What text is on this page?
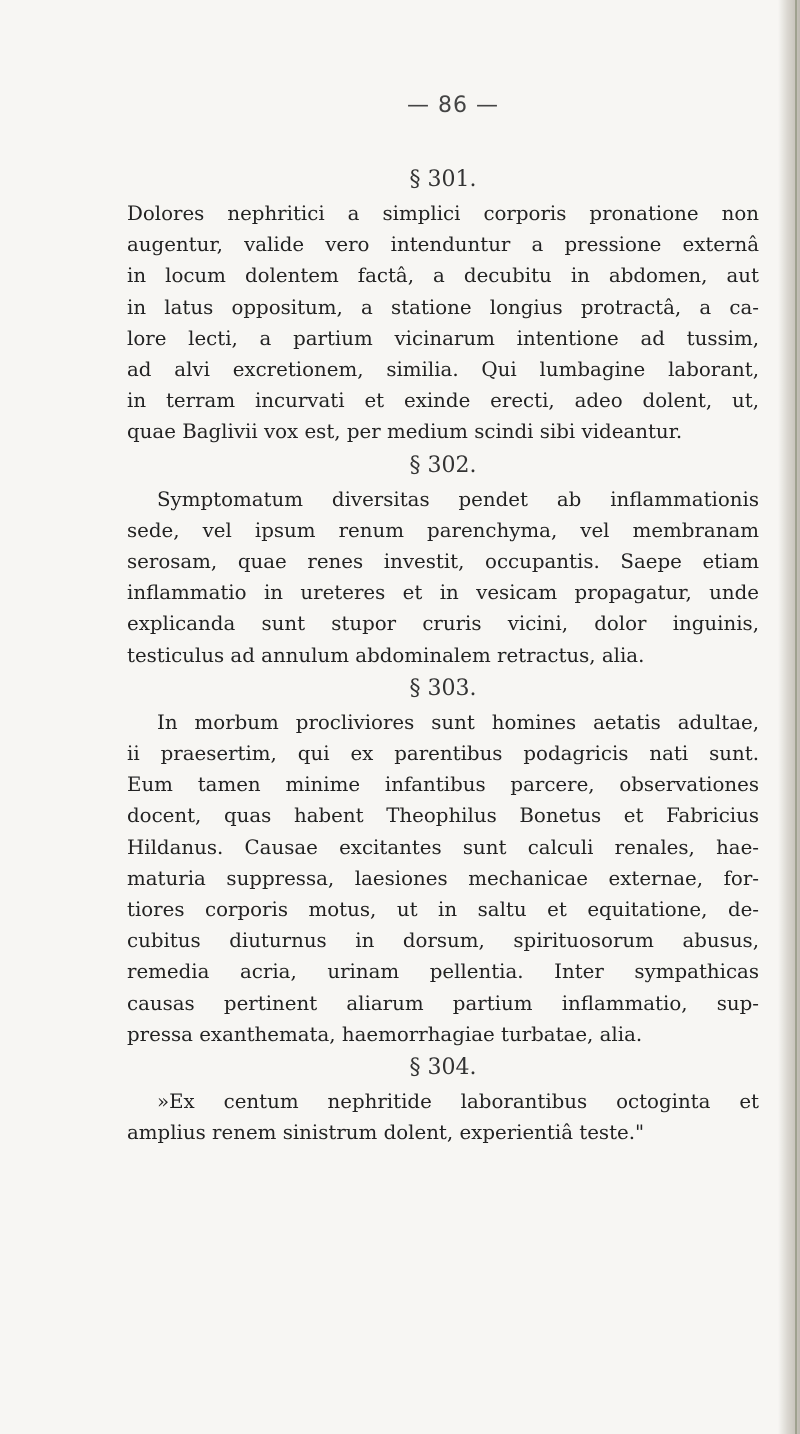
— 86 —
§ 301.

Dolores nephritici a simplici corporis pronatione non
augentur, valide vero intenduntur a pressione externâ
in locum dolentem factâ, a decubitu in abdomen, aut
in latus oppositum, a statione longius protractâ, a ca-
lore lecti, a partium vicinarum intentione ad tussim,
ad alvi excretionem, similia. Qui lumbagine laborant,
in terram incurvati et exinde erecti, adeo dolent, ut,
quae Baglivii vox est, per medium scindi sibi videantur.

§ 302.

Symptomatum diversitas pendet ab inflammationis
sede, vel ipsum renum parenchyma, vel membranam
serosam, quae renes investit, occupantis. Saepe etiam
inflammatio in ureteres et in vesicam propagatur, unde
explicanda sunt stupor cruris vicini, dolor inguinis,
testiculus ad annulum abdominalem retractus, alia.

§ 303.

In morbum procliviores sunt homines aetatis adultae,
ii praesertim, qui ex parentibus podagricis nati sunt.
Eum tamen minime infantibus parcere, observationes
docent, quas habent Theophilus Bonetus et Fabricius
Hildanus. Causae excitantes sunt calculi renales, hae-
maturia suppressa, laesiones mechanicae externae, for-
tiores corporis motus, ut in saltu et equitatione, de-
cubitus diuturnus in dorsum, spirituosorum abusus,
remedia acria, urinam pellentia. Inter sympathicas
causas pertinent aliarum partium inflammatio, sup-
pressa exanthemata, haemorrhagiae turbatae, alia.

§ 304.

»Ex centum nephritide laborantibus octoginta et
amplius renem sinistrum dolent, experientiâ teste."
